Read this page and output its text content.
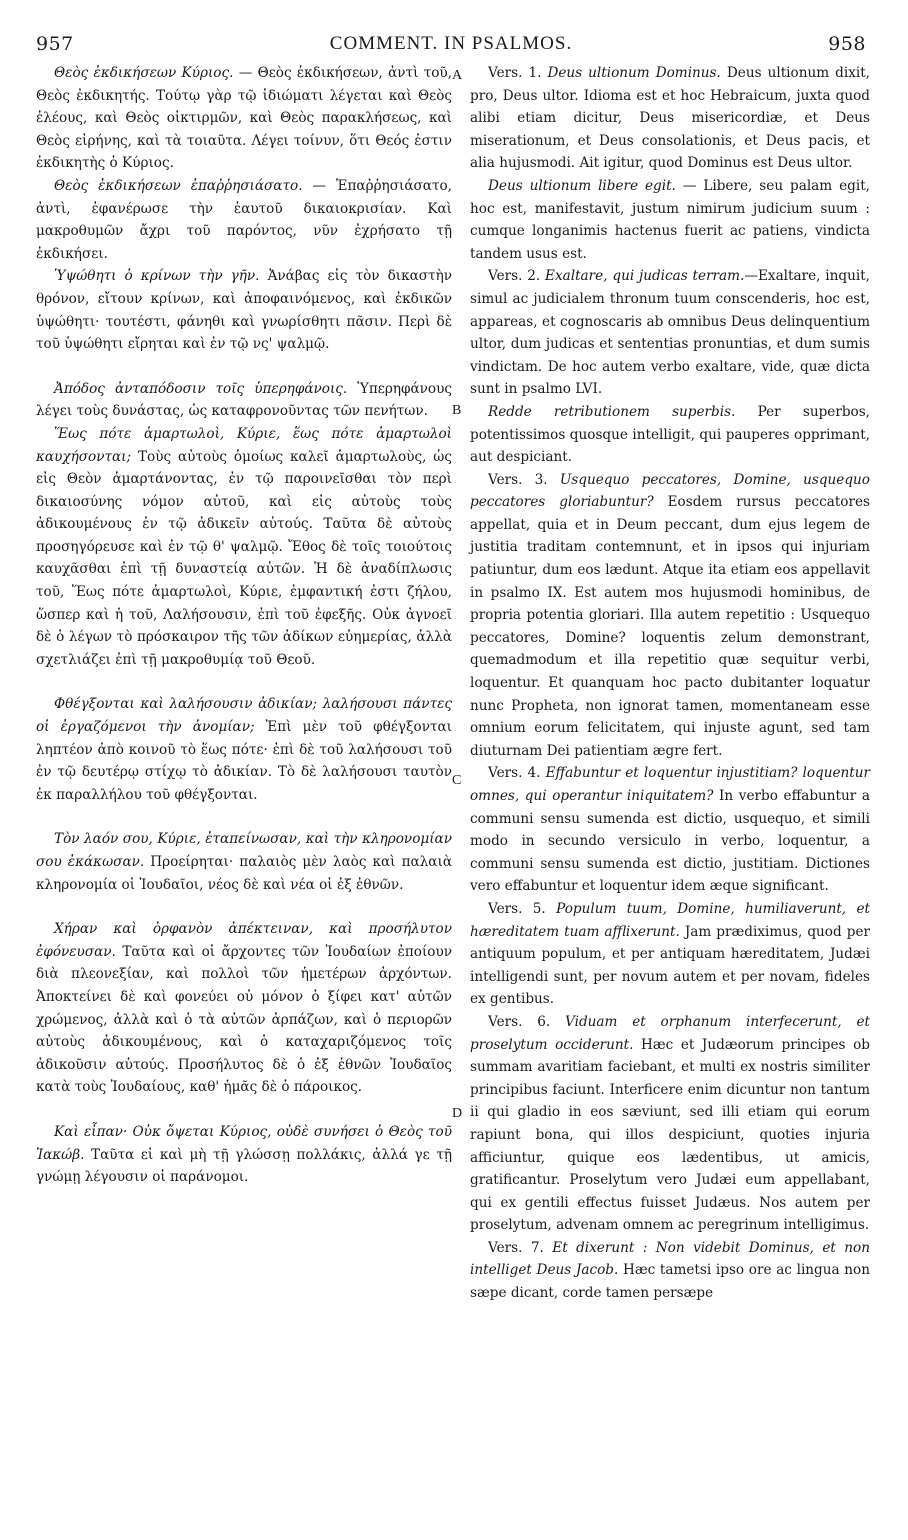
957	COMMENT. IN PSALMOS.	958

Θεὸς ἐκδικήσεων Κύριος. — Θεὸς ἐκδικήσεων, ἀντὶ τοῦ, Θεὸς ἐκδικητής. Τούτῳ γὰρ τῷ ἰδιώματι λέγεται καὶ Θεὸς ἐλέους, καὶ Θεὸς οἰκτιρμῶν, καὶ Θεὸς παρακλήσεως, καὶ Θεὸς εἰρήνης, καὶ τὰ τοιαῦτα. Λέγει τοίνυν, ὅτι Θεός ἐστιν ἐκδικητὴς ὁ Κύριος.

Θεὸς ἐκδικήσεων ἐπαῤῥησιάσατο. — Ἐπαῤῥησιάσατο, ἀντὶ, ἐφανέρωσε τὴν ἑαυτοῦ δικαιοκρισίαν. Καὶ μακροθυμῶν ἄχρι τοῦ παρόντος, νῦν ἐχρήσατο τῇ ἐκδικήσει.

Ὑψώθητι ὁ κρίνων τὴν γῆν. Ἀνάβας εἰς τὸν δικαστὴν θρόνον, εἴτουν κρίνων, καὶ ἀποφαινόμενος, καὶ ἐκδικῶν ὑψώθητι· τουτέστι, φάνηθι καὶ γνωρίσθητι πᾶσιν. Περὶ δὲ τοῦ ὑψώθητι εἴρηται καὶ ἐν τῷ νς' ψαλμῷ.

Ἀπόδος ἀνταπόδοσιν τοῖς ὑπερηφάνοις. Ὑπερηφάνους λέγει τοὺς δυνάστας, ὡς καταφρονοῦντας τῶν πενήτων.

Ἕως πότε ἁμαρτωλοὶ, Κύριε, ἕως πότε ἁμαρτωλοὶ καυχήσονται; Τοὺς αὐτοὺς ὁμοίως καλεῖ ἁμαρτωλοὺς, ὡς εἰς Θεὸν ἁμαρτάνοντας, ἐν τῷ παροινεῖσθαι τὸν περὶ δικαιοσύνης νόμον αὐτοῦ, καὶ εἰς αὐτοὺς τοὺς ἀδικουμένους ἐν τῷ ἀδικεῖν αὐτούς. Ταῦτα δὲ αὐτοὺς προσηγόρευσε καὶ ἐν τῷ θ' ψαλμῷ. Ἔθος δὲ τοῖς τοιούτοις καυχᾶσθαι ἐπὶ τῇ δυναστείᾳ αὐτῶν. Ἡ δὲ ἀναδίπλωσις τοῦ, Ἕως πότε ἁμαρτωλοὶ, Κύριε, ἐμφαντική ἐστι ζήλου, ὥσπερ καὶ ἡ τοῦ, Λαλήσουσιν, ἐπὶ τοῦ ἐφεξῆς. Οὐκ ἀγνοεῖ δὲ ὁ λέγων τὸ πρόσκαιρον τῆς τῶν ἀδίκων εὐημερίας, ἀλλὰ σχετλιάζει ἐπὶ τῇ μακροθυμίᾳ τοῦ Θεοῦ.

Φθέγξονται καὶ λαλήσουσιν ἀδικίαν; λαλήσουσι πάντες οἱ ἐργαζόμενοι τὴν ἀνομίαν; Ἐπὶ μὲν τοῦ φθέγξονται ληπτέον ἀπὸ κοινοῦ τὸ ἕως πότε· ἐπὶ δὲ τοῦ λαλήσουσι τοῦ ἐν τῷ δευτέρῳ στίχῳ τὸ ἀδικίαν. Τὸ δὲ λαλήσουσι ταυτὸν ἐκ παραλλήλου τοῦ φθέγξονται.

Τὸν λαόν σου, Κύριε, ἐταπείνωσαν, καὶ τὴν κληρονομίαν σου ἐκάκωσαν. Προείρηται· παλαιὸς μὲν λαὸς καὶ παλαιὰ κληρονομία οἱ Ἰουδαῖοι, νέος δὲ καὶ νέα οἱ ἐξ ἐθνῶν.

Χήραν καὶ ὀρφανὸν ἀπέκτειναν, καὶ προσήλυτον ἐφόνευσαν. Ταῦτα καὶ οἱ ἄρχοντες τῶν Ἰουδαίων ἐποίουν διὰ πλεονεξίαν, καὶ πολλοὶ τῶν ἡμετέρων ἀρχόντων. Ἀποκτείνει δὲ καὶ φονεύει οὐ μόνον ὁ ξίφει κατ' αὐτῶν χρώμενος, ἀλλὰ καὶ ὁ τὰ αὐτῶν ἁρπάζων, καὶ ὁ περιορῶν αὐτοὺς ἀδικουμένους, καὶ ὁ καταχαριζόμενος τοῖς ἀδικοῦσιν αὐτούς. Προσήλυτος δὲ ὁ ἐξ ἐθνῶν Ἰουδαῖος κατὰ τοὺς Ἰουδαίους, καθ' ἡμᾶς δὲ ὁ πάροικος.

Καὶ εἶπαν· Οὐκ ὄψεται Κύριος, οὐδὲ συνήσει ὁ Θεὸς τοῦ Ἰακώβ. Ταῦτα εἰ καὶ μὴ τῇ γλώσσῃ πολλάκις, ἀλλά γε τῇ γνώμῃ λέγουσιν οἱ παράνομοι.

Vers. 1. Deus ultionum Dominus. Deus ultionum dixit, pro, Deus ultor. Idioma est et hoc Hebraicum, juxta quod alibi etiam dicitur, Deus misericordiæ, et Deus miserationum, et Deus consolationis, et Deus pacis, et alia hujusmodi. Ait igitur, quod Dominus est Deus ultor.

Deus ultionum libere egit. — Libere, seu palam egit, hoc est, manifestavit, justum nimirum judicium suum : cumque longanimis hactenus fuerit ac patiens, vindicta tandem usus est.

Vers. 2. Exaltare, qui judicas terram.—Exaltare, inquit, simul ac judicialem thronum tuum conscenderis, hoc est, appareas, et cognoscaris ab omnibus Deus delinquentium ultor, dum judicas et sententias pronuntias, et dum sumis vindictam. De hoc autem verbo exaltare, vide, quæ dicta sunt in psalmo LVI.

Redde retributionem superbis. Per superbos, potentissimos quosque intelligit, qui pauperes opprimant, aut despiciant.

Vers. 3. Usquequo peccatores, Domine, usquequo peccatores gloriabuntur? Eosdem rursus peccatores appellat, quia et in Deum peccant, dum ejus legem de justitia traditam contemnunt, et in ipsos qui injuriam patiuntur, dum eos lædunt. Atque ita etiam eos appellavit in psalmo IX. Est autem mos hujusmodi hominibus, de propria potentia gloriari. Illa autem repetitio : Usquequo peccatores, Domine? loquentis zelum demonstrant, quemadmodum et illa repetitio quæ sequitur verbi, loquentur. Et quanquam hoc pacto dubitanter loquatur nunc Propheta, non ignorat tamen, momentaneam esse omnium eorum felicitatem, qui injuste agunt, sed tam diuturnam Dei patientiam ægre fert.

Vers. 4. Effabuntur et loquentur injustitiam? loquentur omnes, qui operantur iniquitatem? In verbo effabuntur a communi sensu sumenda est dictio, usquequo, et simili modo in secundo versiculo in verbo, loquentur, a communi sensu sumenda est dictio, justitiam. Dictiones vero effabuntur et loquentur idem æque significant.

Vers. 5. Populum tuum, Domine, humiliaverunt, et hæreditatem tuam afflixerunt. Jam prædiximus, quod per antiquum populum, et per antiquam hæreditatem, Judæi intelligendi sunt, per novum autem et per novam, fideles ex gentibus.

Vers. 6. Viduam et orphanum interfecerunt, et proselytum occiderunt. Hæc et Judæorum principes ob summam avaritiam faciebant, et multi ex nostris similiter principibus faciunt. Interficere enim dicuntur non tantum ii qui gladio in eos sæviunt, sed illi etiam qui eorum rapiunt bona, qui illos despiciunt, quoties injuria afficiuntur, quique eos lædentibus, ut amicis, gratificantur. Proselytum vero Judæi eum appellabant, qui ex gentili effectus fuisset Judæus. Nos autem per proselytum, advenam omnem ac peregrinum intelligimus.

Vers. 7. Et dixerunt : Non videbit Dominus, et non intelliget Deus Jacob. Hæc tametsi ipso ore ac lingua non sæpe dicant, corde tamen persæpe

A
B
C
D
